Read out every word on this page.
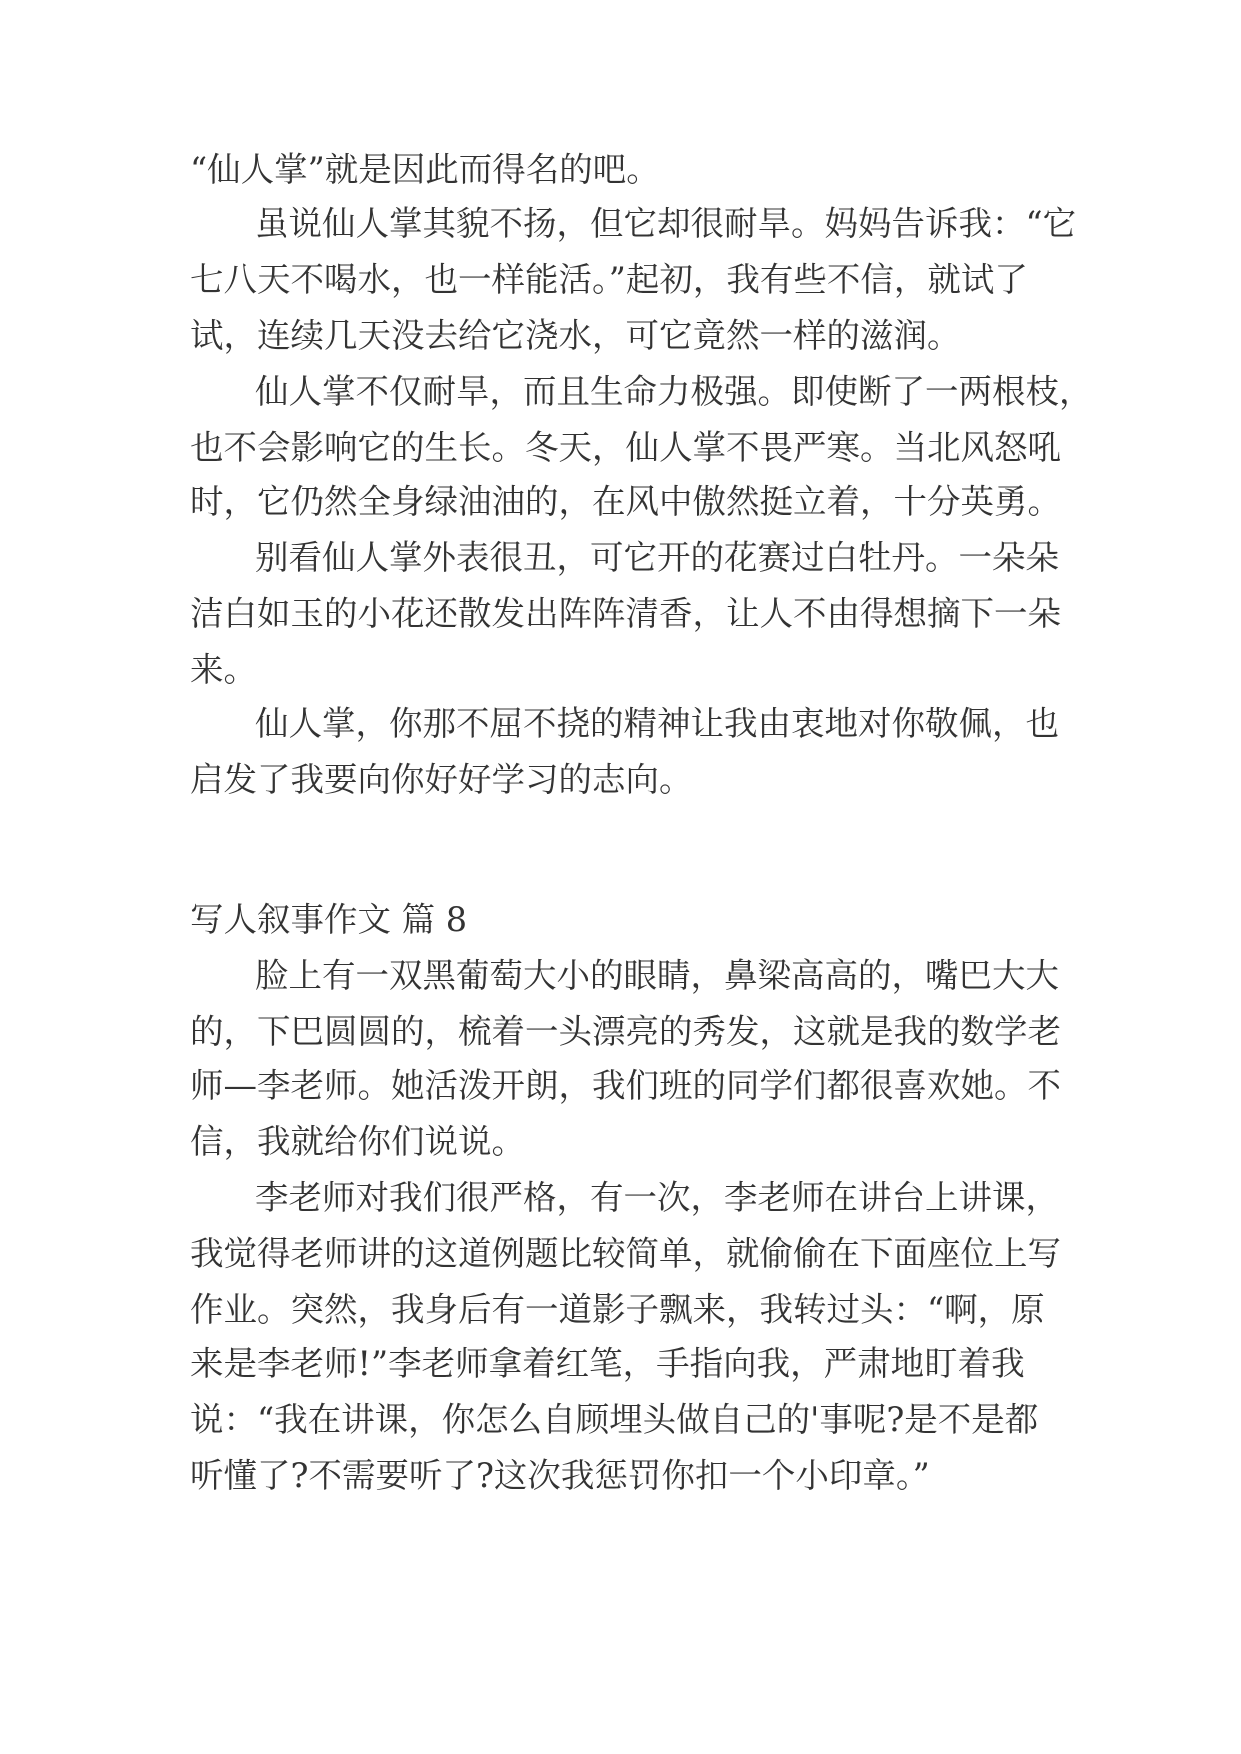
“仙人掌”就是因此而得名的吧。

虽说仙人掌其貌不扬，但它却很耐旱。妈妈告诉我：“它

七八天不喝水，也一样能活。”起初，我有些不信，就试了

试，连续几天没去给它浇水，可它竟然一样的滋润。

仙人掌不仅耐旱，而且生命力极强。即使断了一两根枝，

也不会影响它的生长。冬天，仙人掌不畏严寒。当北风怒吼

时，它仍然全身绿油油的，在风中傲然挺立着，十分英勇。

别看仙人掌外表很丑，可它开的花赛过白牡丹。一朵朵

洁白如玉的小花还散发出阵阵清香，让人不由得想摘下一朵

来。

仙人掌，你那不屈不挠的精神让我由衷地对你敬佩，也

启发了我要向你好好学习的志向。

写人叙事作文 篇 8

脸上有一双黑葡萄大小的眼睛，鼻梁高高的，嘴巴大大

的，下巴圆圆的，梳着一头漂亮的秀发，这就是我的数学老

师—李老师。她活泼开朗，我们班的同学们都很喜欢她。不

信，我就给你们说说。

李老师对我们很严格，有一次，李老师在讲台上讲课，

我觉得老师讲的这道例题比较简单，就偷偷在下面座位上写

作业。突然，我身后有一道影子飘来，我转过头：“啊，原

来是李老师!”李老师拿着红笔，手指向我，严肃地盯着我

说：“我在讲课，你怎么自顾埋头做自己的'事呢?是不是都

听懂了?不需要听了?这次我惩罚你扣一个小印章。”
